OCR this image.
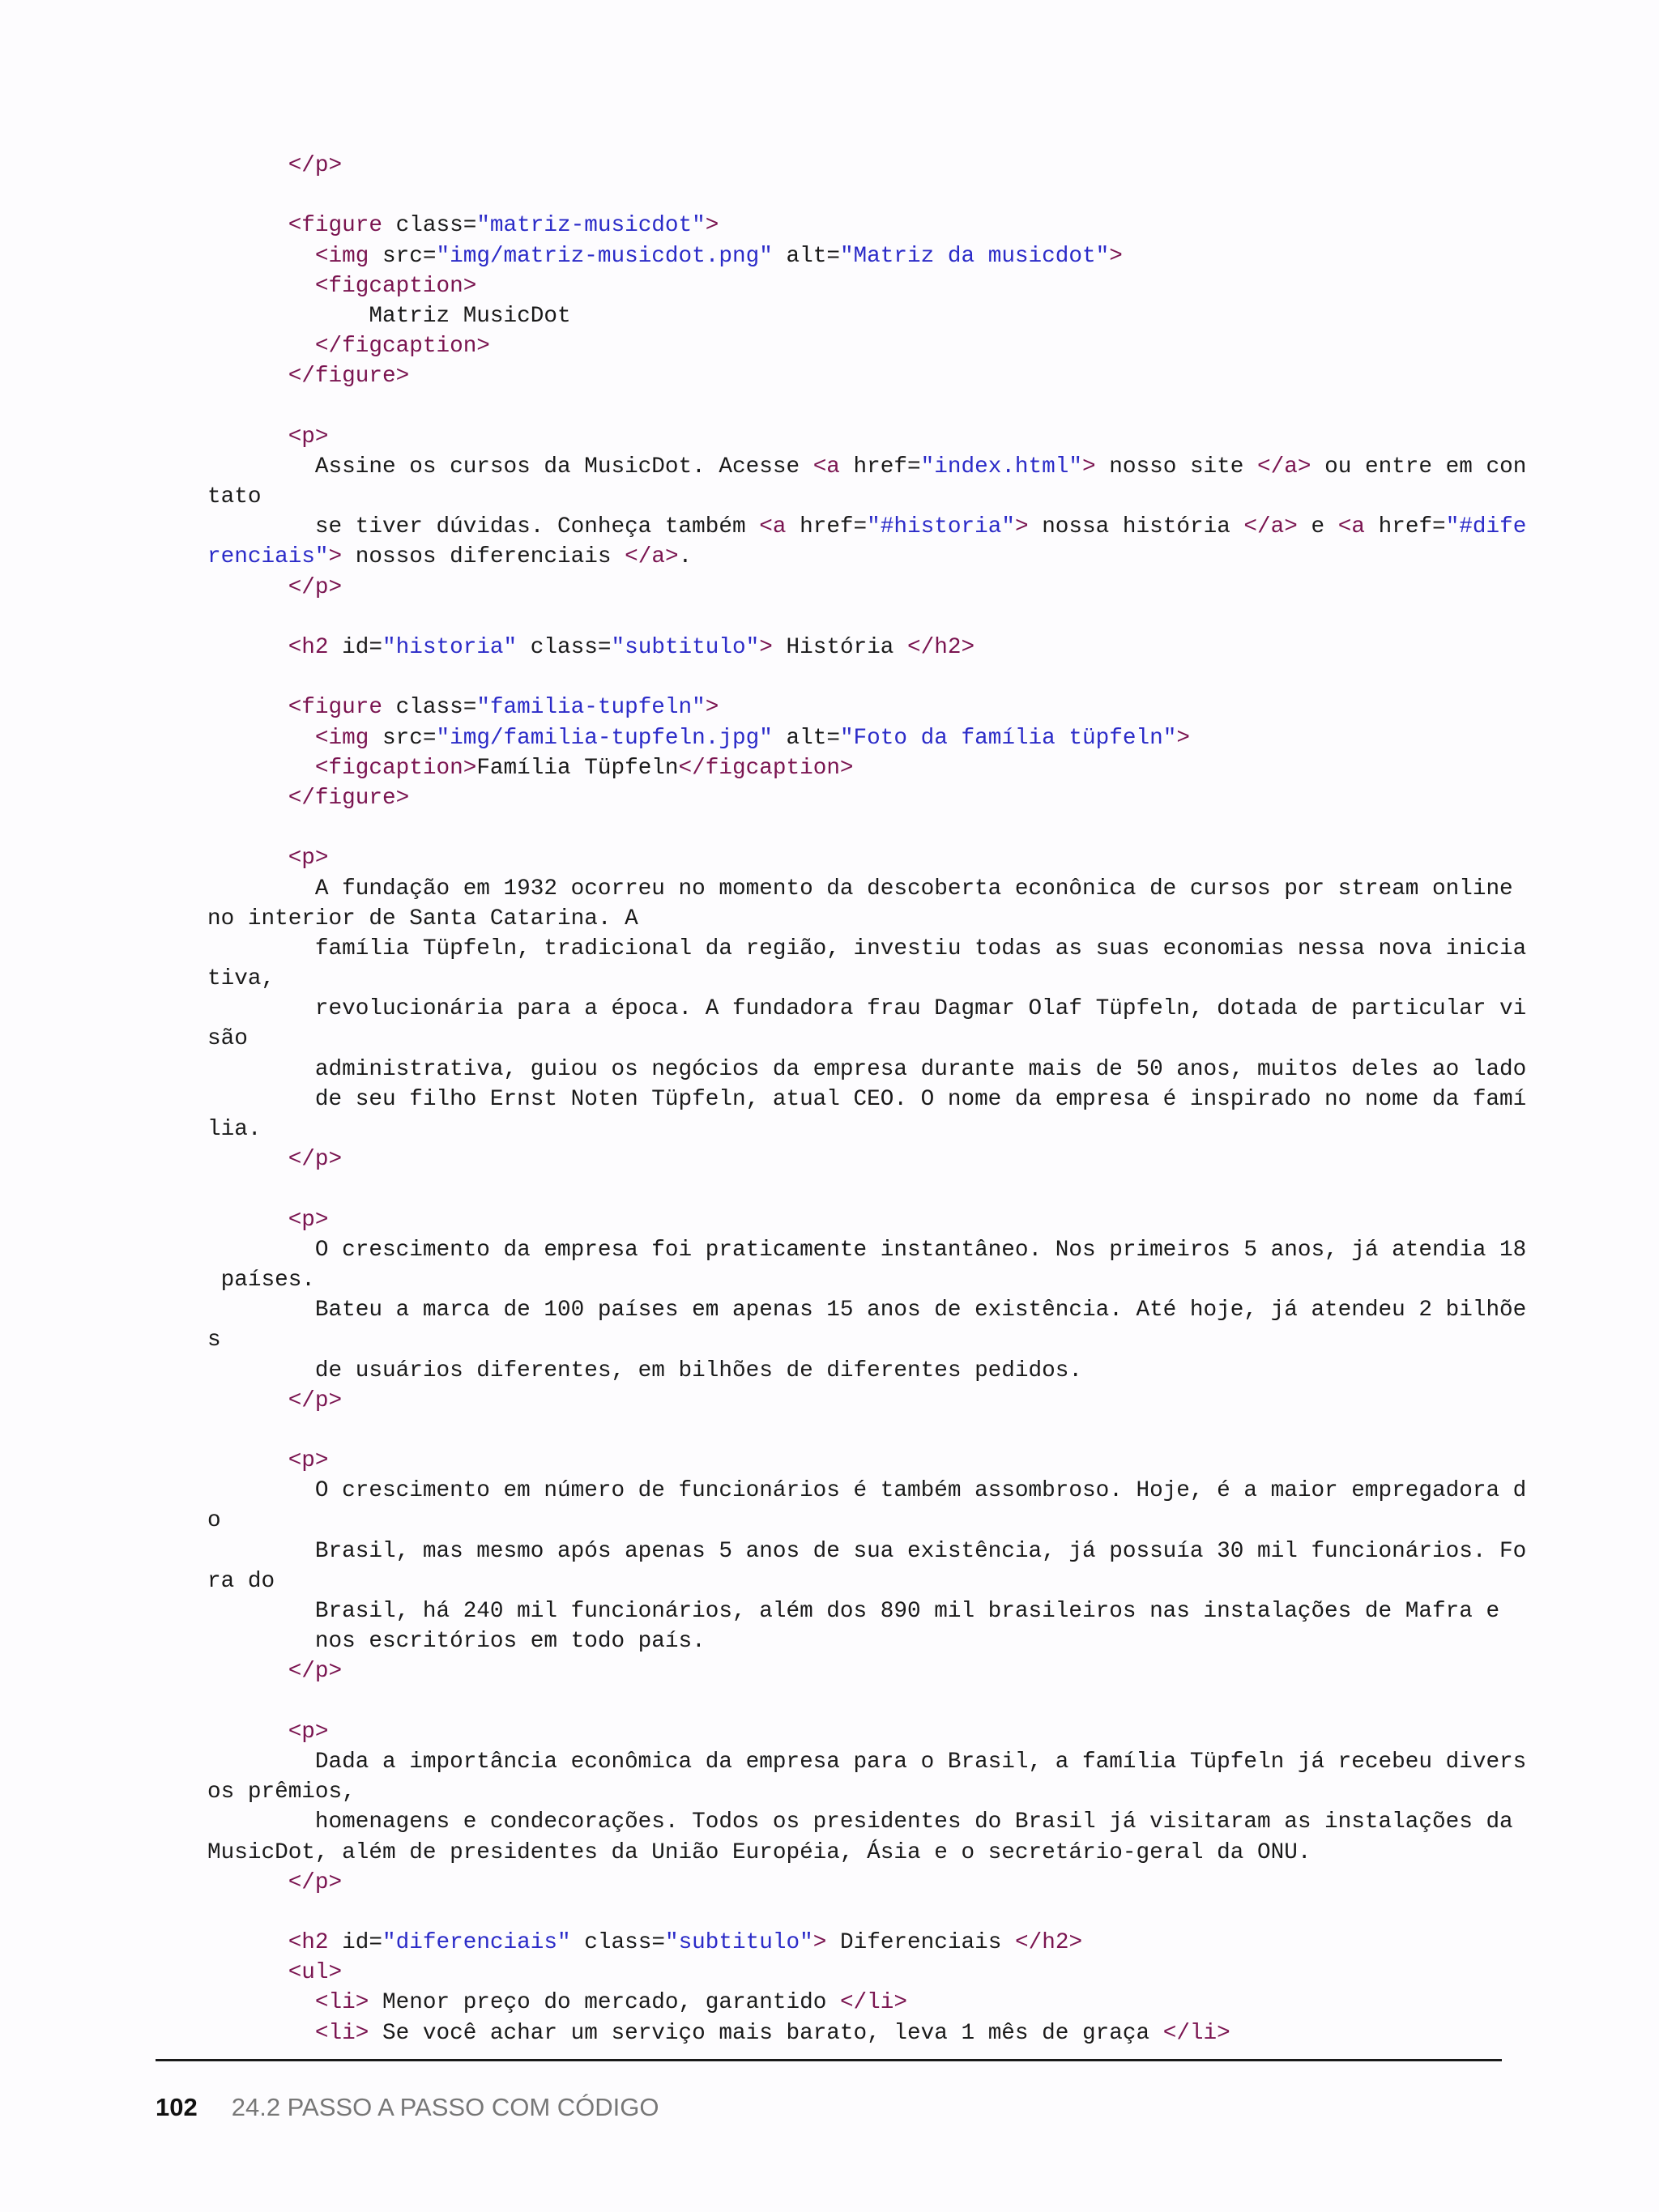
</p>
<figure class="matriz-musicdot">
<img src="img/matriz-musicdot.png" alt="Matriz da musicdot">
<figcaption>
Matriz MusicDot
</figcaption>
</figure>
<p>
Assine os cursos da MusicDot. Acesse <a href="index.html"> nosso site </a> ou entre em con
tato
se tiver dúvidas. Conheça também <a href="#historia"> nossa história </a> e <a href="#dife
renciais"> nossos diferenciais </a>.
</p>
<h2 id="historia" class="subtitulo"> História </h2>
<figure class="familia-tupfeln">
<img src="img/familia-tupfeln.jpg" alt="Foto da família tüpfeln">
<figcaption>Família Tüpfeln</figcaption>
</figure>
<p>
A fundação em 1932 ocorreu no momento da descoberta econônica de cursos por stream online
no interior de Santa Catarina. A
família Tüpfeln, tradicional da região, investiu todas as suas economias nessa nova inicia
tiva,
revolucionária para a época. A fundadora frau Dagmar Olaf Tüpfeln, dotada de particular vi
são
administrativa, guiou os negócios da empresa durante mais de 50 anos, muitos deles ao lado
de seu filho Ernst Noten Tüpfeln, atual CEO. O nome da empresa é inspirado no nome da famí
lia.
</p>
<p>
O crescimento da empresa foi praticamente instantâneo. Nos primeiros 5 anos, já atendia 18
países.
Bateu a marca de 100 países em apenas 15 anos de existência. Até hoje, já atendeu 2 bilhõe
s
de usuários diferentes, em bilhões de diferentes pedidos.
</p>
<p>
O crescimento em número de funcionários é também assombroso. Hoje, é a maior empregadora d
o
Brasil, mas mesmo após apenas 5 anos de sua existência, já possuía 30 mil funcionários. Fo
ra do
Brasil, há 240 mil funcionários, além dos 890 mil brasileiros nas instalações de Mafra e
nos escritórios em todo país.
</p>
<p>
Dada a importância econômica da empresa para o Brasil, a família Tüpfeln já recebeu divers
os prêmios,
homenagens e condecorações. Todos os presidentes do Brasil já visitaram as instalações da
MusicDot, além de presidentes da União Européia, Ásia e o secretário-geral da ONU.
</p>
<h2 id="diferenciais" class="subtitulo"> Diferenciais </h2>
<ul>
<li> Menor preço do mercado, garantido </li>
<li> Se você achar um serviço mais barato, leva 1 mês de graça </li>
102 24.2 PASSO A PASSO COM CÓDIGO
